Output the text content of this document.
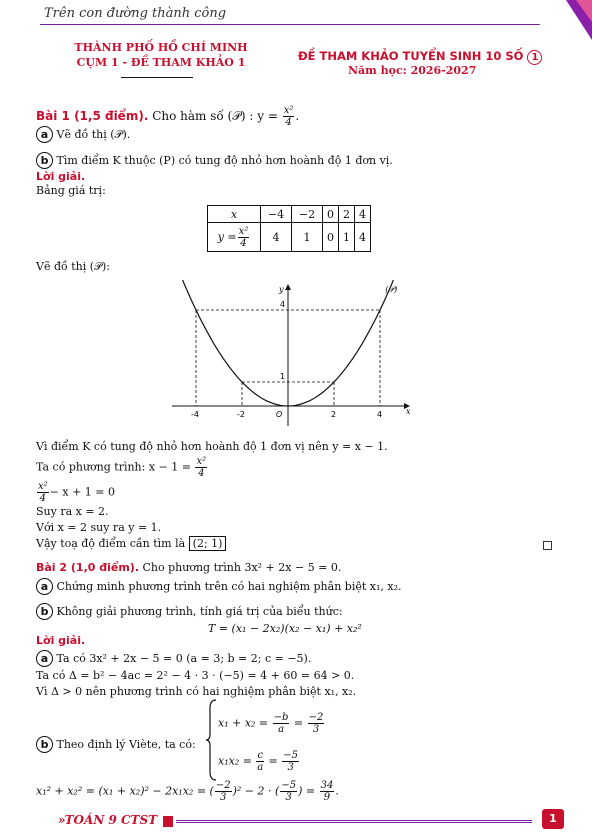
Trên con đường thành công
THÀNH PHỐ HỒ CHÍ MINH
CỤM 1 - ĐỀ THAM KHẢO 1	ĐỀ THAM KHẢO TUYỂN SINH 10 SỐ 1
Năm học: 2026-2027
Bài 1 (1,5 điểm). Cho hàm số (𝒫) : $y = \frac{\text{x²}}{4}$ .
a Vẽ đồ thị (𝒫).
b Tìm điểm K thuộc (P) có tung độ nhỏ hơn hoành độ 1 đơn vị.
Lời giải.
Bảng giá trị:
x	−4	−2	0	2	4
$y = \frac{\text{x²}}{4}$	4	1	0	1	4
Vẽ đồ thị (𝒫):
x
y
O
-4	-2	2	4
1
4
(𝒫)
Vì điểm K có tung độ nhỏ hơn hoành độ 1 đơn vị nên y = x − 1.
Ta có phương trình: $x - 1 = \frac{\text{x²}}{4}$
$\frac{\text{x²}}{4} - x + 1 = 0$
Suy ra x = 2.
Với x = 2 suy ra y = 1.
Vậy toạ độ điểm cần tìm là (2; 1)
Bài 2 (1,0 điểm). Cho phương trình 3x² + 2x − 5 = 0.
a Chứng minh phương trình trên có hai nghiệm phân biệt x₁, x₂.
b Không giải phương trình, tính giá trị của biểu thức:
T = (x₁ − 2x₂)(x₂ − x₁) + x₂²
Lời giải.
a Ta có 3x² + 2x − 5 = 0 (a = 3; b = 2; c = −5).
Ta có Δ = b² − 4ac = 2² − 4 · 3 · (−5) = 4 + 60 = 64 > 0.
Vì Δ > 0 nên phương trình có hai nghiệm phân biệt x₁, x₂.
b Theo định lý Viète, ta có:
$x_1 + x_2 = \frac{-b}{a} = \frac{-2}{3}$
$x_1x_2 = \frac{c}{a} = \frac{-5}{3}$
x₁² + x₂² = (x₁ + x₂)² − 2x₁x₂ = ( $\frac{-2}{3} )^2 - 2$ · ( $\frac{-5}{3}$ ) = $\frac{34}{9}$ .
»TOÁN 9 CTST	1
